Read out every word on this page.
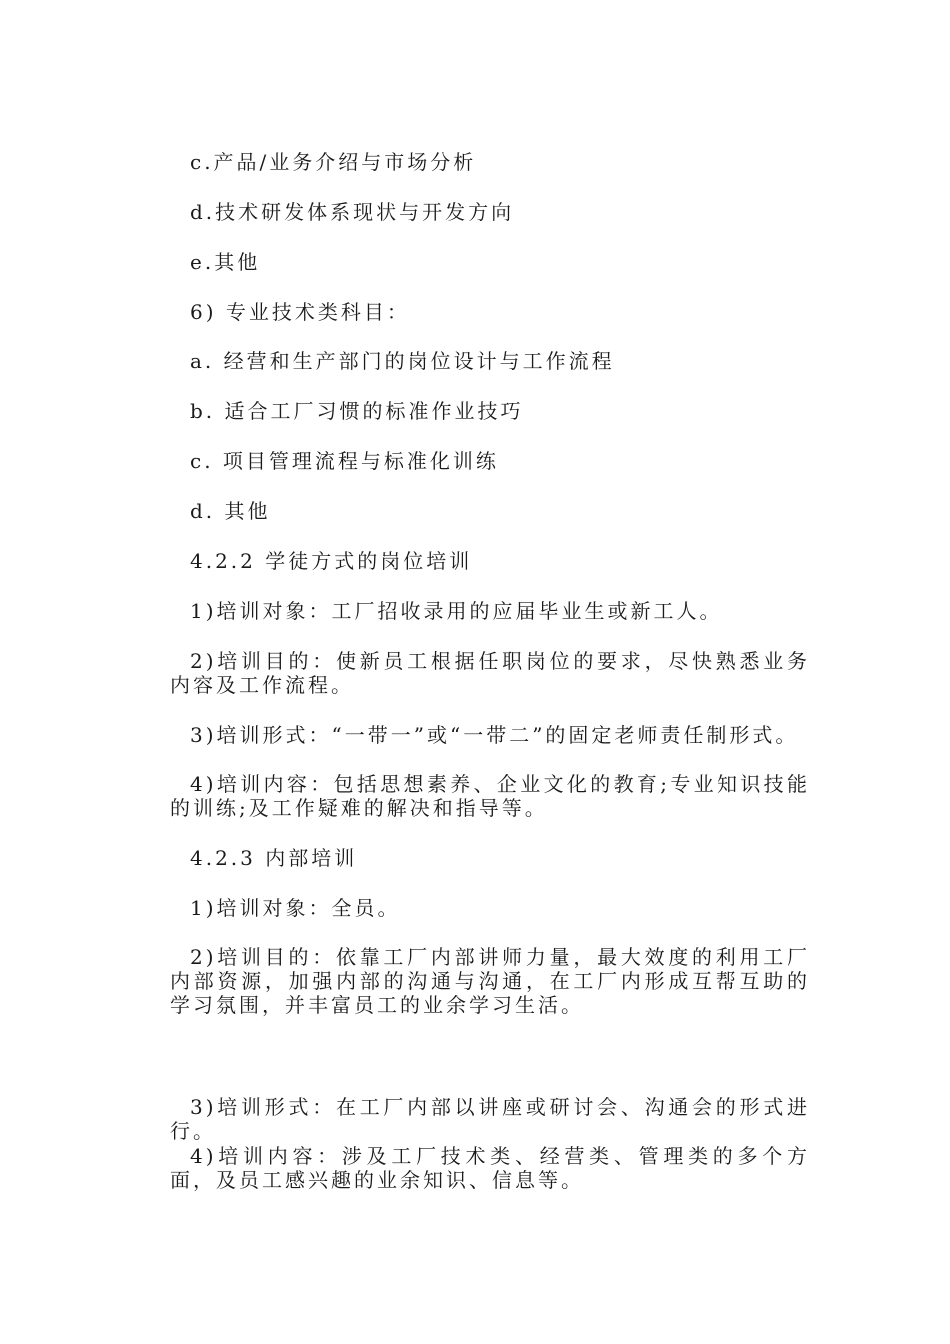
c.产品/业务介绍与市场分析
d.技术研发体系现状与开发方向
e.其他
6) 专业技术类科目：
a. 经营和生产部门的岗位设计与工作流程
b. 适合工厂习惯的标准作业技巧
c. 项目管理流程与标准化训练
d. 其他
4.2.2 学徒方式的岗位培训
1)培训对象：工厂招收录用的应届毕业生或新工人。
2)培训目的：使新员工根据任职岗位的要求，尽快熟悉业务内容及工作流程。
3)培训形式：“一带一”或“一带二”的固定老师责任制形式。
4)培训内容：包括思想素养、企业文化的教育;专业知识技能的训练;及工作疑难的解决和指导等。
4.2.3 内部培训
1)培训对象：全员。
2)培训目的：依靠工厂内部讲师力量，最大效度的利用工厂内部资源，加强内部的沟通与沟通，在工厂内形成互帮互助的学习氛围，并丰富员工的业余学习生活。
3)培训形式：在工厂内部以讲座或研讨会、沟通会的形式进行。
4)培训内容：涉及工厂技术类、经营类、管理类的多个方面，及员工感兴趣的业余知识、信息等。
